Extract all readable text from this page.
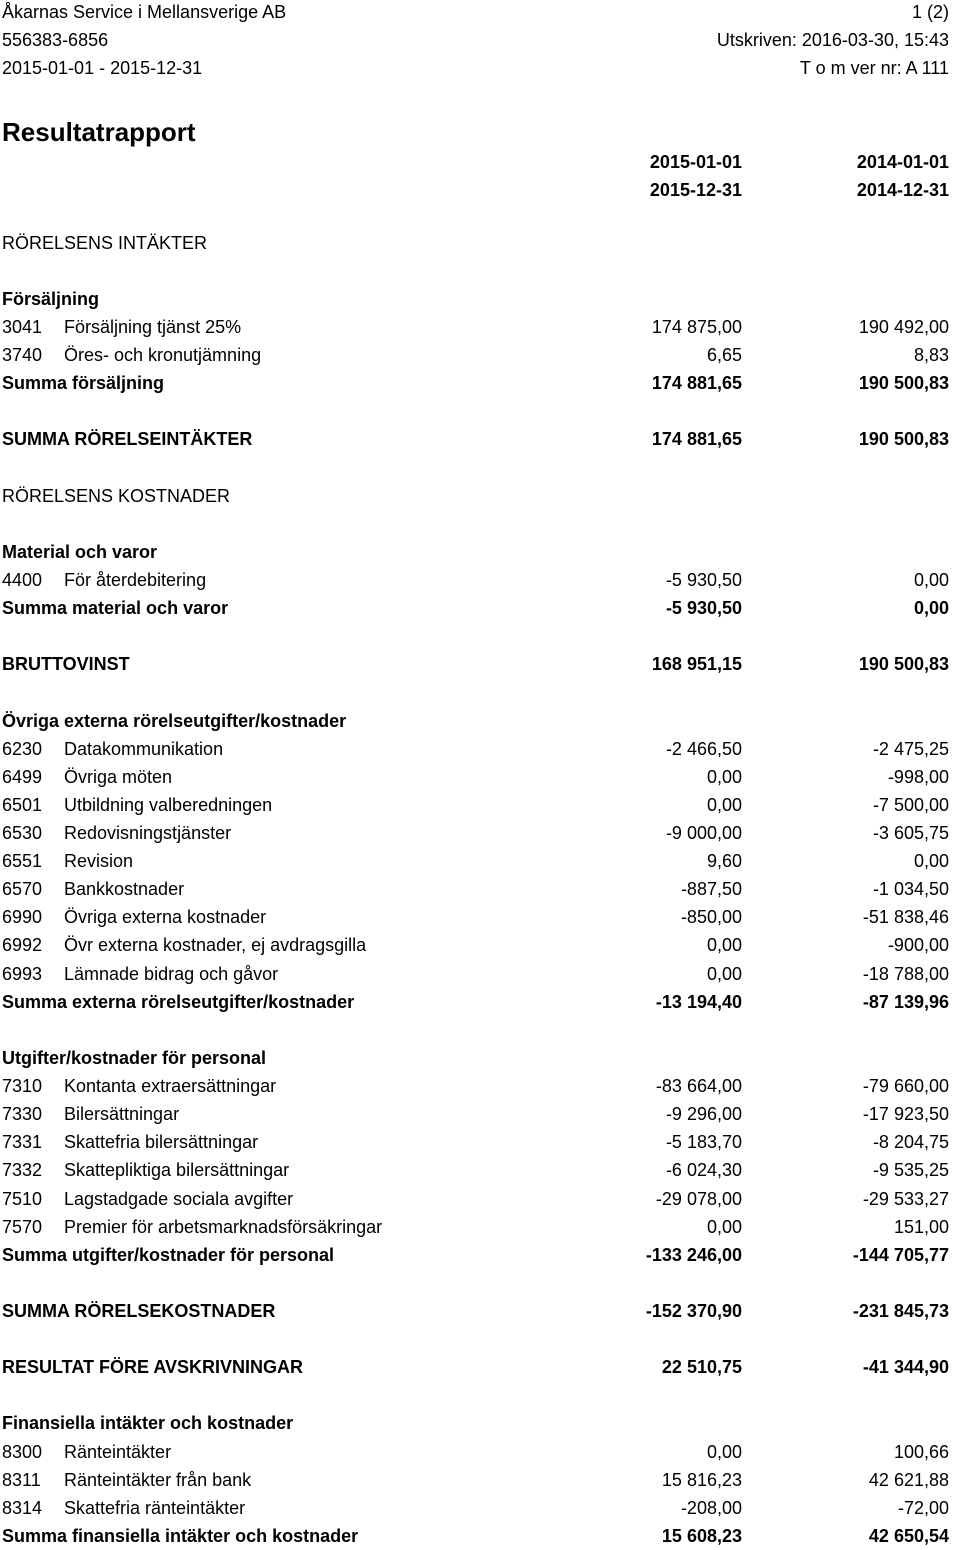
Åkarnas Service i Mellansverige AB	1 (2)
556383-6856	Utskriven: 2016-03-30, 15:43
2015-01-01 - 2015-12-31	T o m ver nr: A 111
Resultatrapport
2015-01-01	2014-01-01
2015-12-31	2014-12-31
RÖRELSENS INTÄKTER
Försäljning
3041 Försäljning tjänst 25%	174 875,00	190 492,00
3740 Öres- och kronutjämning	6,65	8,83
Summa försäljning	174 881,65	190 500,83
SUMMA RÖRELSEINTÄKTER	174 881,65	190 500,83
RÖRELSENS KOSTNADER
Material och varor
4400 För återdebitering	-5 930,50	0,00
Summa material och varor	-5 930,50	0,00
BRUTTOVINST	168 951,15	190 500,83
Övriga externa rörelseutgifter/kostnader
6230 Datakommunikation	-2 466,50	-2 475,25
6499 Övriga möten	0,00	-998,00
6501 Utbildning valberedningen	0,00	-7 500,00
6530 Redovisningstjänster	-9 000,00	-3 605,75
6551 Revision	9,60	0,00
6570 Bankkostnader	-887,50	-1 034,50
6990 Övriga externa kostnader	-850,00	-51 838,46
6992 Övr externa kostnader, ej avdragsgilla	0,00	-900,00
6993 Lämnade bidrag och gåvor	0,00	-18 788,00
Summa externa rörelseutgifter/kostnader	-13 194,40	-87 139,96
Utgifter/kostnader för personal
7310 Kontanta extraersättningar	-83 664,00	-79 660,00
7330 Bilersättningar	-9 296,00	-17 923,50
7331 Skattefria bilersättningar	-5 183,70	-8 204,75
7332 Skattepliktiga bilersättningar	-6 024,30	-9 535,25
7510 Lagstadgade sociala avgifter	-29 078,00	-29 533,27
7570 Premier för arbetsmarknadsförsäkringar	0,00	151,00
Summa utgifter/kostnader för personal	-133 246,00	-144 705,77
SUMMA RÖRELSEKOSTNADER	-152 370,90	-231 845,73
RESULTAT FÖRE AVSKRIVNINGAR	22 510,75	-41 344,90
Finansiella intäkter och kostnader
8300 Ränteintäkter	0,00	100,66
8311 Ränteintäkter från bank	15 816,23	42 621,88
8314 Skattefria ränteintäkter	-208,00	-72,00
Summa finansiella intäkter och kostnader	15 608,23	42 650,54
